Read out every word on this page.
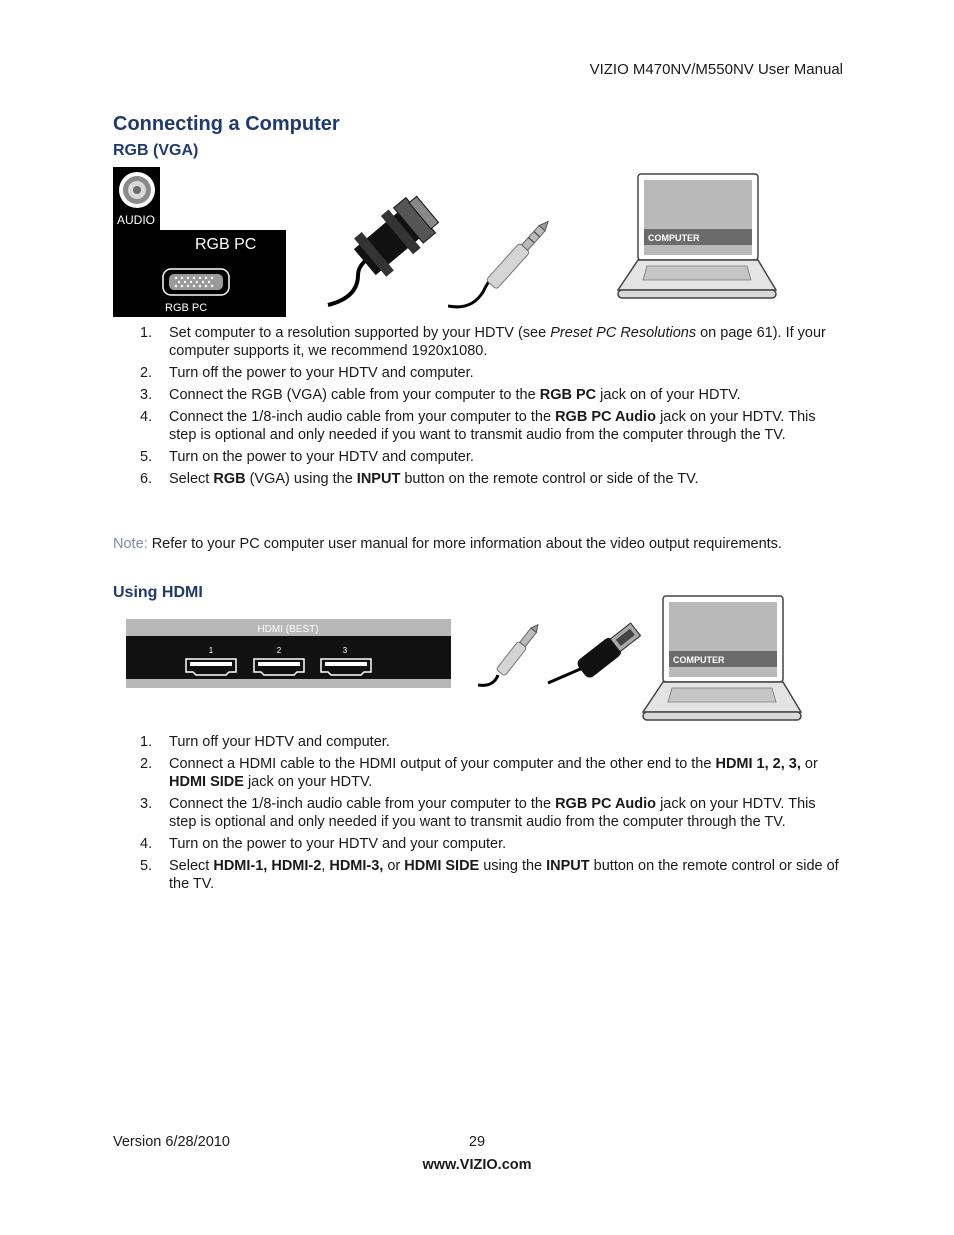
VIZIO M470NV/M550NV User Manual
Connecting a Computer
RGB (VGA)
AUDIO
RGB PC
RGB PC
COMPUTER
1. Set computer to a resolution supported by your HDTV (see Preset PC Resolutions on page 61). If your computer supports it, we recommend 1920x1080.
2. Turn off the power to your HDTV and computer.
3. Connect the RGB (VGA) cable from your computer to the RGB PC jack on of your HDTV.
4. Connect the 1/8-inch audio cable from your computer to the RGB PC Audio jack on your HDTV. This step is optional and only needed if you want to transmit audio from the computer through the TV.
5. Turn on the power to your HDTV and computer.
6. Select RGB (VGA) using the INPUT button on the remote control or side of the TV.
Note: Refer to your PC computer user manual for more information about the video output requirements.
Using HDMI
HDMI (BEST)
1	2	3
COMPUTER
1. Turn off your HDTV and computer.
2. Connect a HDMI cable to the HDMI output of your computer and the other end to the HDMI 1, 2, 3, or HDMI SIDE jack on your HDTV.
3. Connect the 1/8-inch audio cable from your computer to the RGB PC Audio jack on your HDTV. This step is optional and only needed if you want to transmit audio from the computer through the TV.
4. Turn on the power to your HDTV and your computer.
5. Select HDMI-1, HDMI-2, HDMI-3, or HDMI SIDE using the INPUT button on the remote control or side of the TV.
29
Version 6/28/2010
www.VIZIO.com
